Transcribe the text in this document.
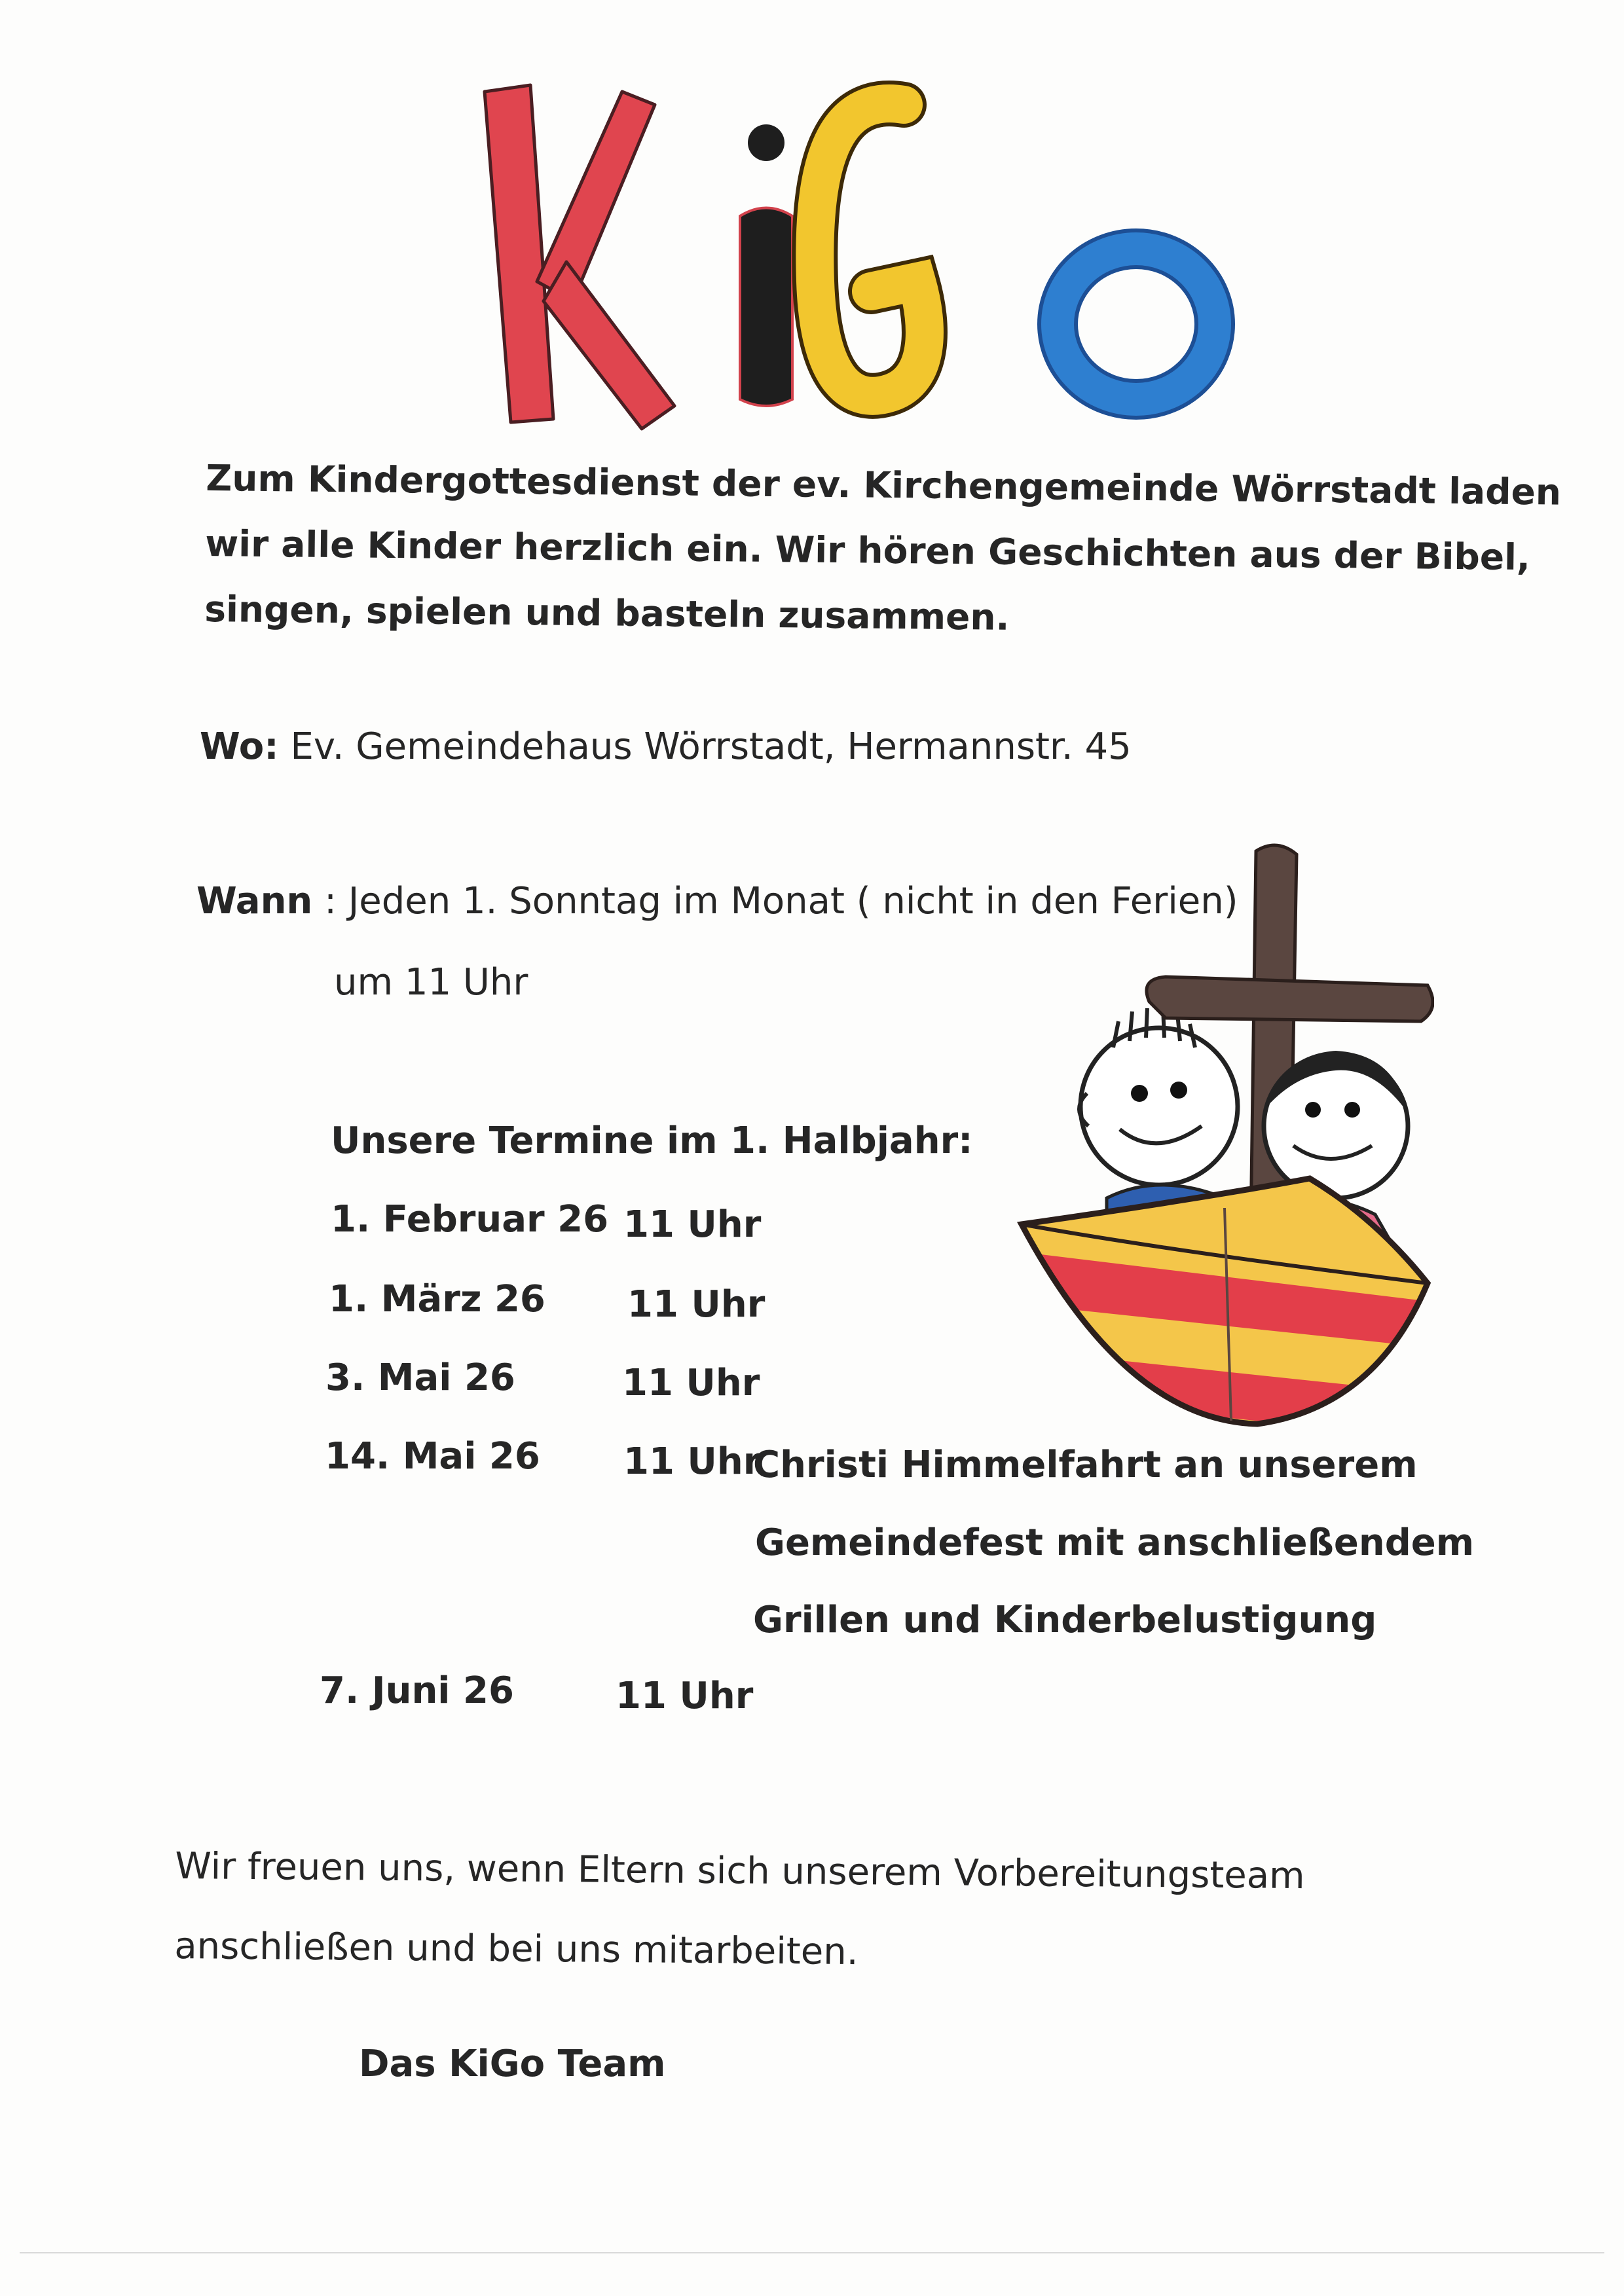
Zum Kindergottesdienst der ev. Kirchengemeinde Wörrstadt laden
wir alle Kinder herzlich ein. Wir hören Geschichten aus der Bibel,
singen, spielen und basteln zusammen.
Wo: Ev. Gemeindehaus Wörrstadt, Hermannstr. 45
Wann : Jeden 1. Sonntag im Monat ( nicht in den Ferien)
um 11 Uhr
Unsere Termine im 1. Halbjahr:
1. Februar 26 11 Uhr
1. März 26 11 Uhr
3. Mai 26	11 Uhr
14. Mai 26 11 Uhr
Christi Himmelfahrt an unserem
Gemeindefest mit anschließendem
Grillen und Kinderbelustigung
7. Juni 26	11 Uhr
Wir freuen uns, wenn Eltern sich unserem Vorbereitungsteam
anschließen und bei uns mitarbeiten.
Das KiGo Team
